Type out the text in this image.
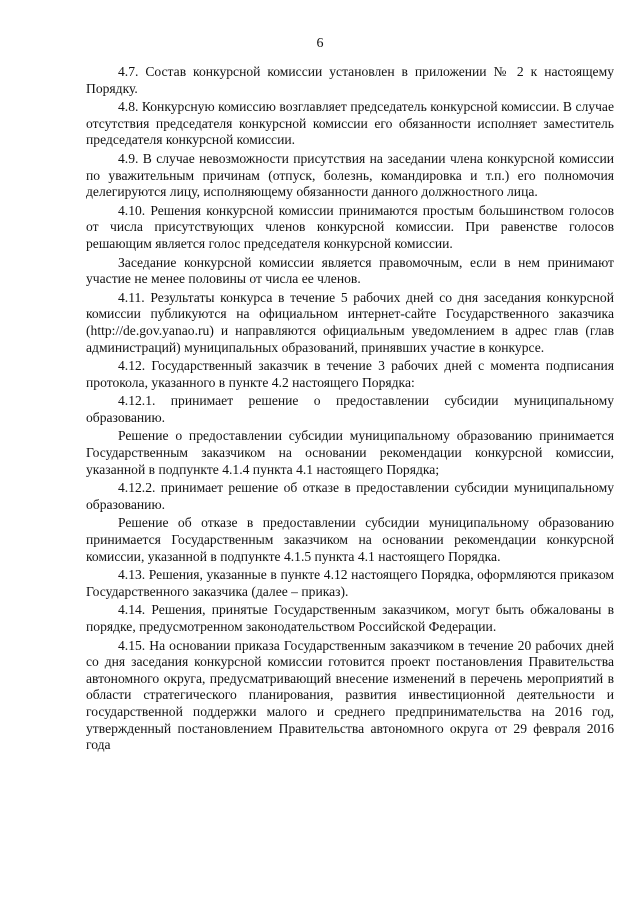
6

4.7. Состав конкурсной комиссии установлен в приложении № 2 к настоящему Порядку.

4.8. Конкурсную комиссию возглавляет председатель конкурсной комиссии. В случае отсутствия председателя конкурсной комиссии его обязанности исполняет заместитель председателя конкурсной комиссии.

4.9. В случае невозможности присутствия на заседании члена конкурсной комиссии по уважительным причинам (отпуск, болезнь, командировка и т.п.) его полномочия делегируются лицу, исполняющему обязанности данного должностного лица.

4.10. Решения конкурсной комиссии принимаются простым большинством голосов от числа присутствующих членов конкурсной комиссии. При равенстве голосов решающим является голос председателя конкурсной комиссии.

Заседание конкурсной комиссии является правомочным, если в нем принимают участие не менее половины от числа ее членов.

4.11. Результаты конкурса в течение 5 рабочих дней со дня заседания конкурсной комиссии публикуются на официальном интернет-сайте Государственного заказчика (http://de.gov.yanao.ru) и направляются официальным уведомлением в адрес глав (глав администраций) муниципальных образований, принявших участие в конкурсе.

4.12. Государственный заказчик в течение 3 рабочих дней с момента подписания протокола, указанного в пункте 4.2 настоящего Порядка:

4.12.1. принимает решение о предоставлении субсидии муниципальному образованию.

Решение о предоставлении субсидии муниципальному образованию принимается Государственным заказчиком на основании рекомендации конкурсной комиссии, указанной в подпункте 4.1.4 пункта 4.1 настоящего Порядка;

4.12.2. принимает решение об отказе в предоставлении субсидии муниципальному образованию.

Решение об отказе в предоставлении субсидии муниципальному образованию принимается Государственным заказчиком на основании рекомендации конкурсной комиссии, указанной в подпункте 4.1.5 пункта 4.1 настоящего Порядка.

4.13. Решения, указанные в пункте 4.12 настоящего Порядка, оформляются приказом Государственного заказчика (далее – приказ).

4.14. Решения, принятые Государственным заказчиком, могут быть обжалованы в порядке, предусмотренном законодательством Российской Федерации.

4.15. На основании приказа Государственным заказчиком в течение 20 рабочих дней со дня заседания конкурсной комиссии готовится проект постановления Правительства автономного округа, предусматривающий внесение изменений в перечень мероприятий в области стратегического планирования, развития инвестиционной деятельности и государственной поддержки малого и среднего предпринимательства на 2016 год, утвержденный постановлением Правительства автономного округа от 29 февраля 2016 года
